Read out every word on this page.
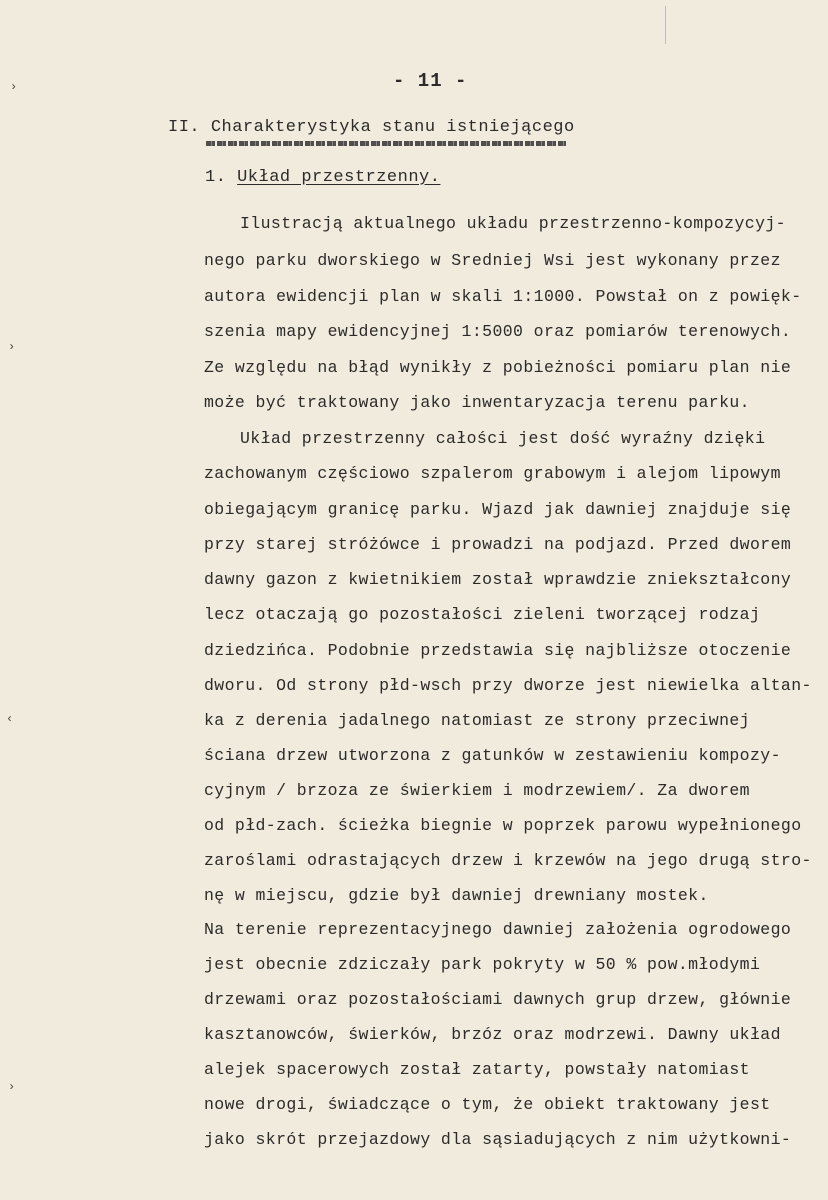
›
›
‹
›
- 11 -
II. Charakterystyka stanu istniejącego
1. Układ przestrzenny.
Ilustracją aktualnego układu przestrzenno-kompozycyj-
nego parku dworskiego w Sredniej Wsi jest wykonany przez
autora ewidencji plan w skali 1:1000. Powstał on z powięk-
szenia mapy ewidencyjnej 1:5000 oraz pomiarów terenowych.
Ze względu na błąd wynikły z pobieżności pomiaru plan nie
może być traktowany jako inwentaryzacja terenu parku.
Układ przestrzenny całości jest dość wyraźny dzięki
zachowanym częściowo szpalerom grabowym i alejom lipowym
obiegającym granicę parku. Wjazd jak dawniej znajduje się
przy starej stróżówce i prowadzi na podjazd. Przed dworem
dawny gazon z kwietnikiem został wprawdzie zniekształcony
lecz otaczają go pozostałości zieleni tworzącej rodzaj
dziedzińca. Podobnie przedstawia się najbliższe otoczenie
dworu. Od strony płd-wsch przy dworze jest niewielka altan-
ka z derenia jadalnego natomiast ze strony przeciwnej
ściana drzew utworzona z gatunków w zestawieniu kompozy-
cyjnym / brzoza ze świerkiem i modrzewiem/. Za dworem
od płd-zach. ścieżka biegnie w poprzek parowu wypełnionego
zaroślami odrastających drzew i krzewów na jego drugą stro-
nę w miejscu, gdzie był dawniej drewniany mostek.
Na terenie reprezentacyjnego dawniej założenia ogrodowego
jest obecnie zdziczały park pokryty w 50 % pow.młodymi
drzewami oraz pozostałościami dawnych grup drzew, głównie
kasztanowców, świerków, brzóz oraz modrzewi. Dawny układ
alejek spacerowych został zatarty, powstały natomiast
nowe drogi, świadczące o tym, że obiekt traktowany jest
jako skrót przejazdowy dla sąsiadujących z nim użytkowni-
